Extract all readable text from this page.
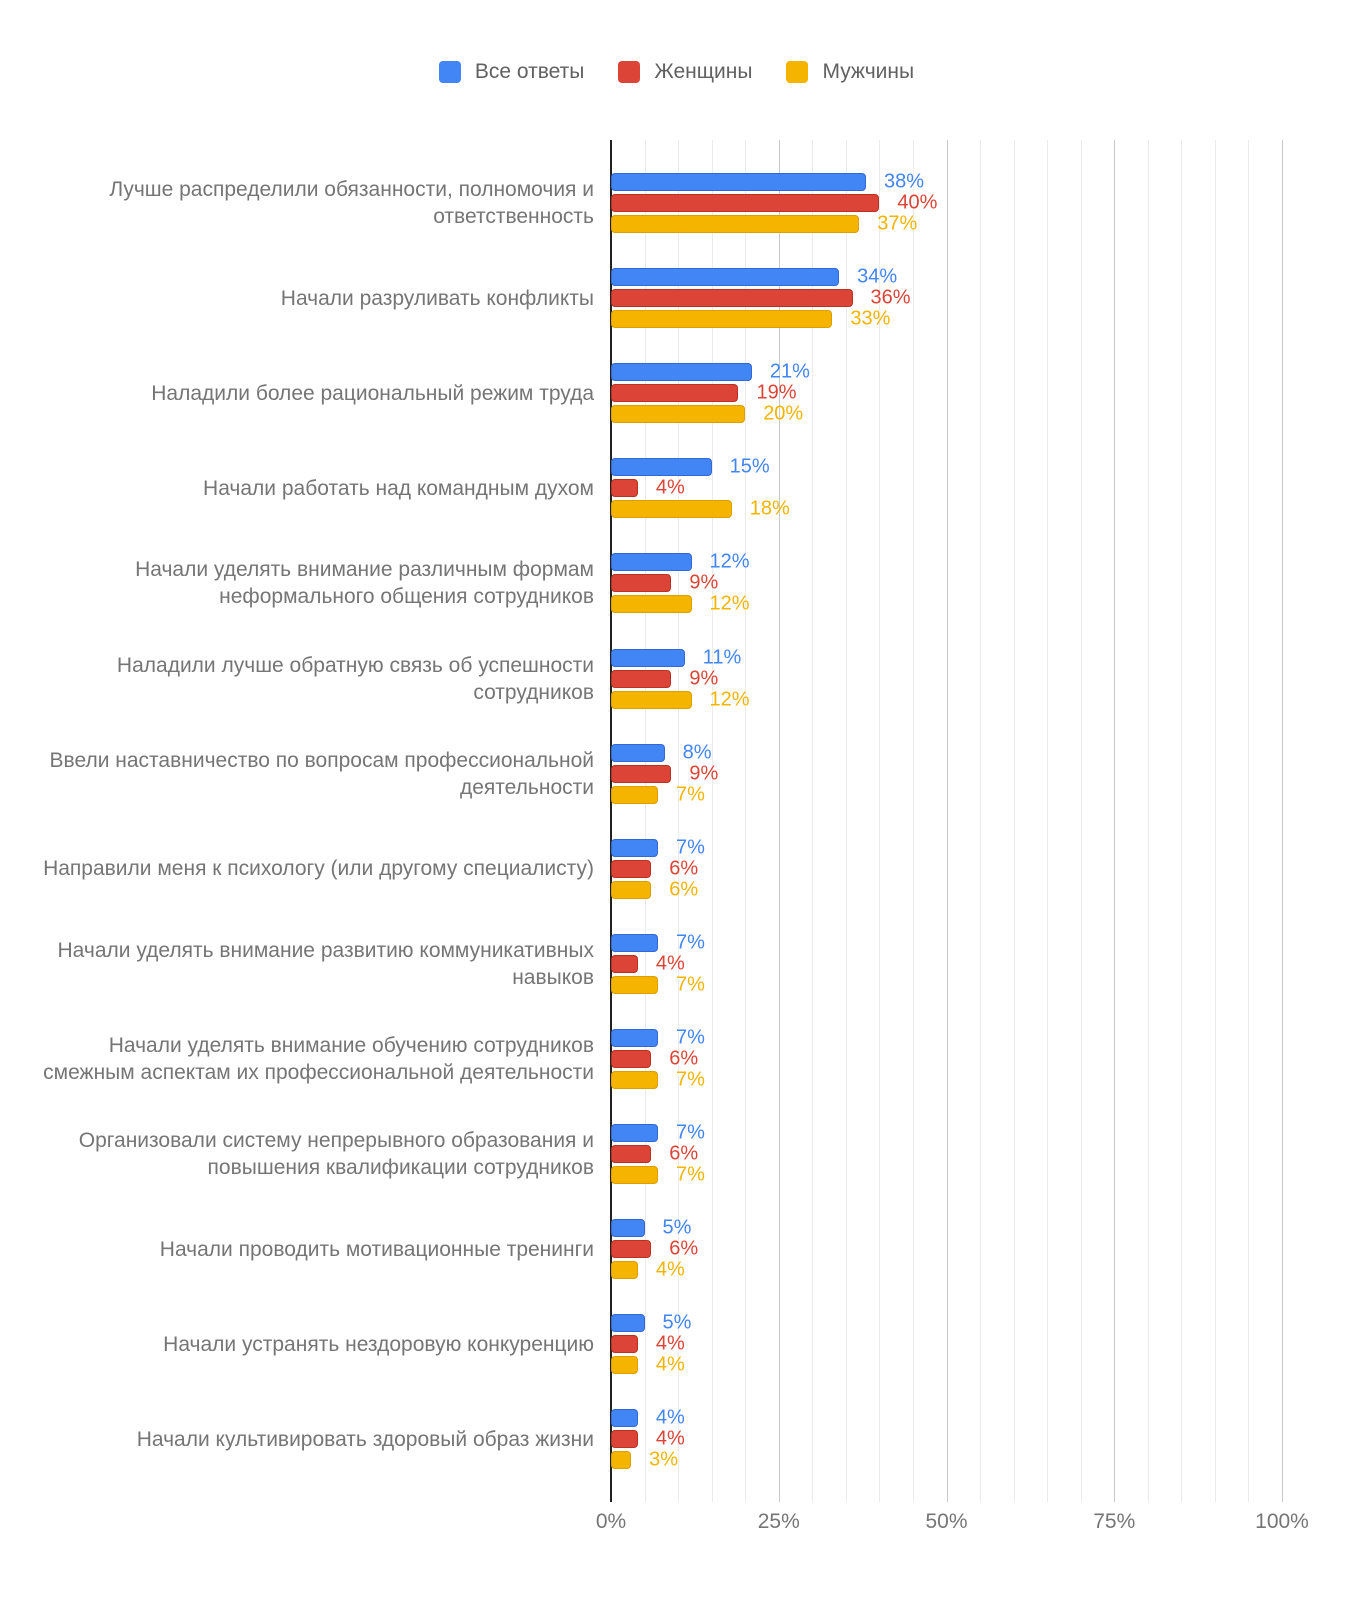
Все ответы	Женщины	Мужчины
Лучше распределили обязанности, полномочия и ответственность
38%
40%
37%
Начали разруливать конфликты
34%
36%
33%
Наладили более рациональный режим труда
21%
19%
20%
Начали работать над командным духом
15%
4%
18%
Начали уделять внимание различным формам неформального общения сотрудников
12%
9%
12%
Наладили лучше обратную связь об успешности сотрудников
11%
9%
12%
Ввели наставничество по вопросам профессиональной деятельности
8%
9%
7%
Направили меня к психологу (или другому специалисту)
7%
6%
6%
Начали уделять внимание развитию коммуникативных навыков
7%
4%
7%
Начали уделять внимание обучению сотрудников смежным аспектам их профессиональной деятельности
7%
6%
7%
Организовали систему непрерывного образования и повышения квалификации сотрудников
7%
6%
7%
Начали проводить мотивационные тренинги
5%
6%
4%
Начали устранять нездоровую конкуренцию
5%
4%
4%
Начали культивировать здоровый образ жизни
4%
4%
3%
0%	25%	50%	75%	100%
